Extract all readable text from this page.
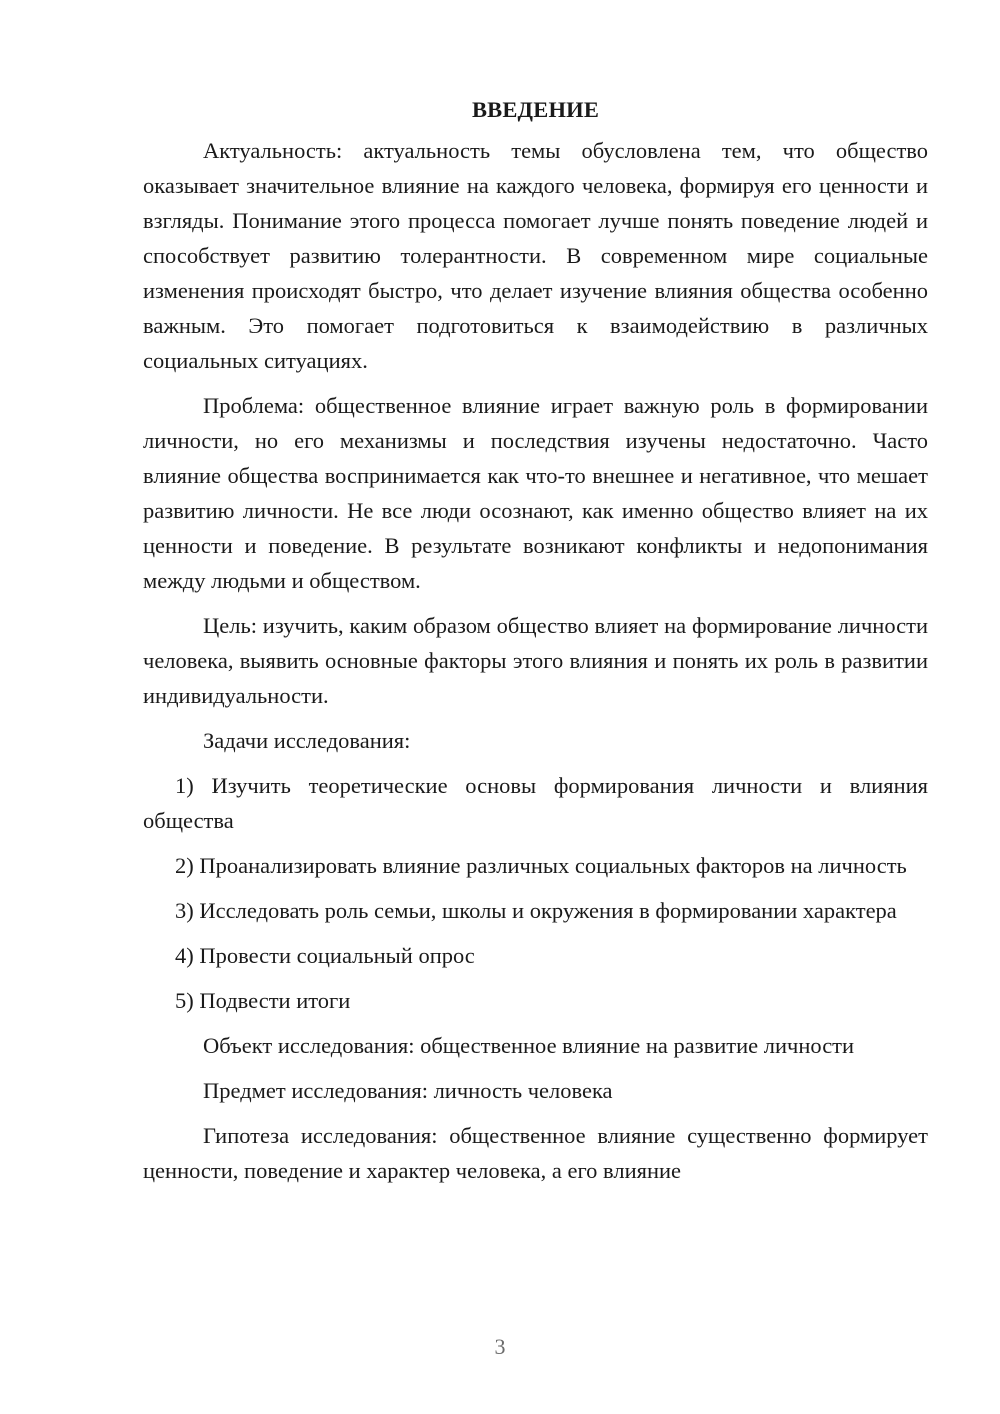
ВВЕДЕНИЕ

Актуальность: актуальность темы обусловлена тем, что общество оказывает значительное влияние на каждого человека, формируя его ценности и взгляды. Понимание этого процесса помогает лучше понять поведение людей и способствует развитию толерантности. В современном мире социальные изменения происходят быстро, что делает изучение влияния общества особенно важным. Это помогает подготовиться к взаимодействию в различных социальных ситуациях.

Проблема: общественное влияние играет важную роль в формировании личности, но его механизмы и последствия изучены недостаточно. Часто влияние общества воспринимается как что-то внешнее и негативное, что мешает развитию личности. Не все люди осознают, как именно общество влияет на их ценности и поведение. В результате возникают конфликты и недопонимания между людьми и обществом.

Цель: изучить, каким образом общество влияет на формирование личности человека, выявить основные факторы этого влияния и понять их роль в развитии индивидуальности.

Задачи исследования:

1) Изучить теоретические основы формирования личности и влияния общества

2) Проанализировать влияние различных социальных факторов на личность

3) Исследовать роль семьи, школы и окружения в формировании характера

4) Провести социальный опрос

5) Подвести итоги

Объект исследования: общественное влияние на развитие личности

Предмет исследования: личность человека

Гипотеза исследования: общественное влияние существенно формирует ценности, поведение и характер человека, а его влияние

3
